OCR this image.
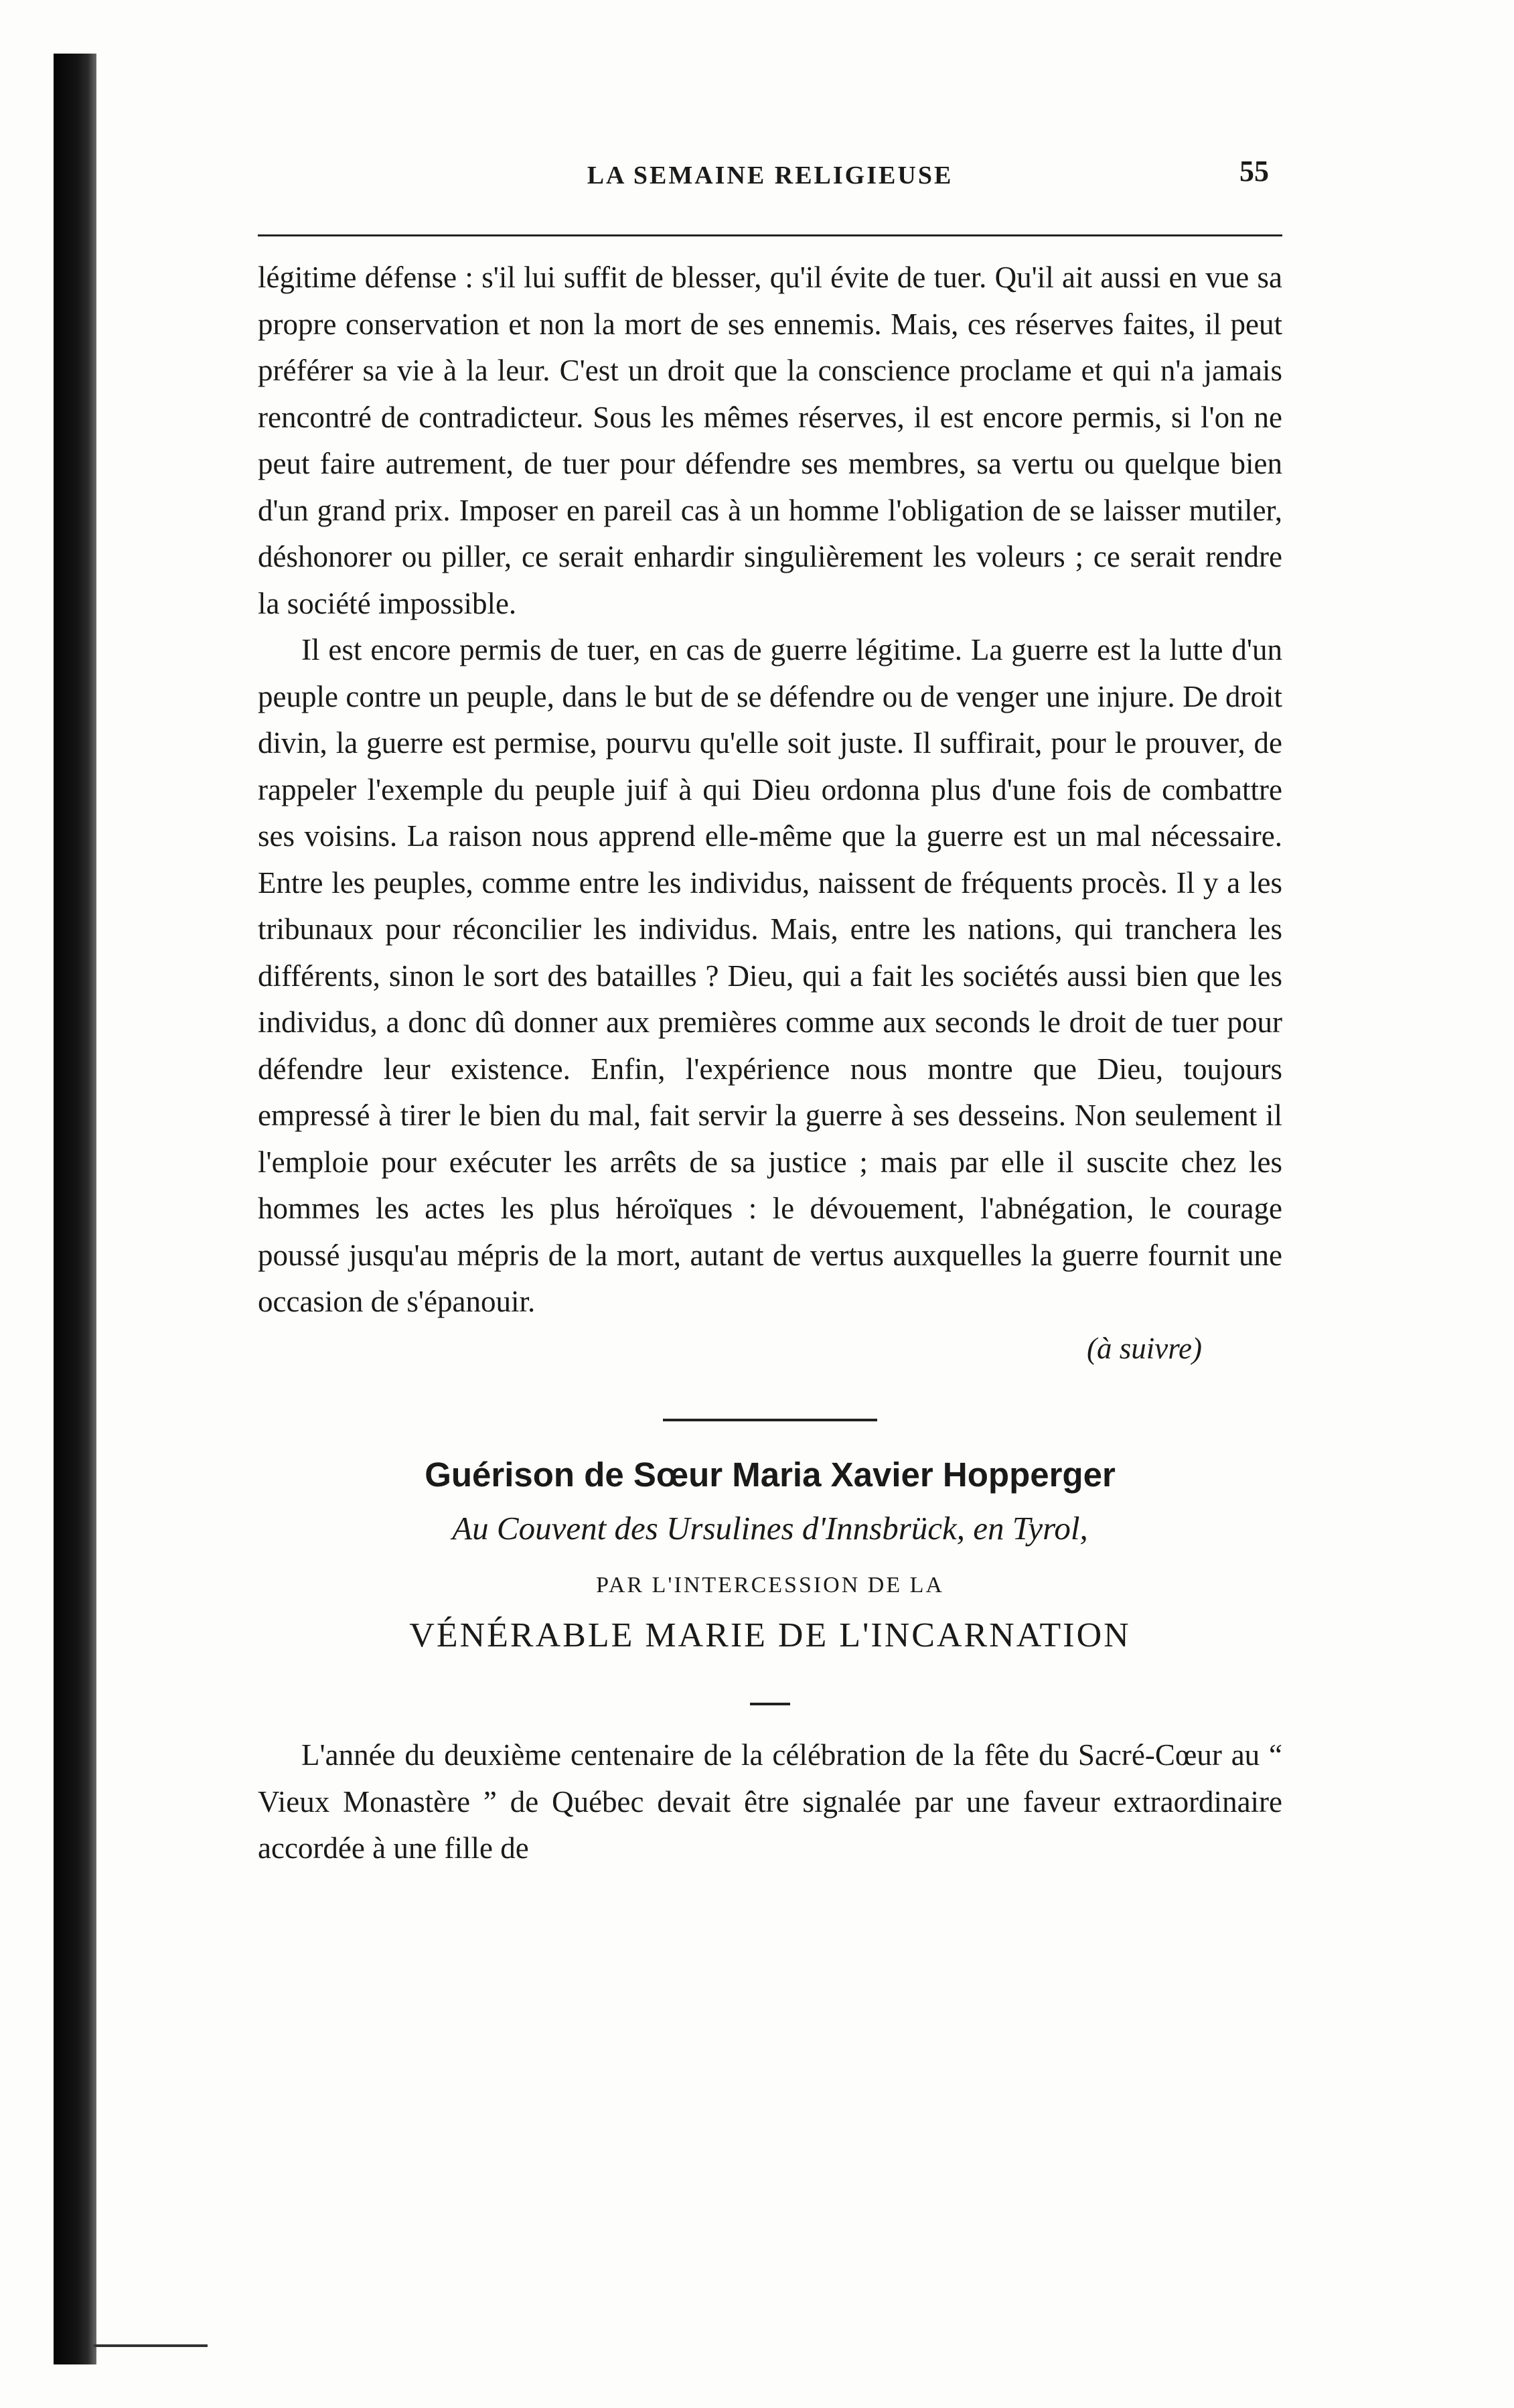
LA SEMAINE RELIGIEUSE	55

légitime défense : s'il lui suffit de blesser, qu'il évite de tuer. Qu'il ait aussi en vue sa propre conservation et non la mort de ses ennemis. Mais, ces réserves faites, il peut préférer sa vie à la leur. C'est un droit que la conscience proclame et qui n'a jamais rencontré de contradicteur. Sous les mêmes réserves, il est encore permis, si l'on ne peut faire autrement, de tuer pour défendre ses membres, sa vertu ou quelque bien d'un grand prix. Imposer en pareil cas à un homme l'obligation de se laisser mutiler, déshonorer ou piller, ce serait enhardir singulièrement les voleurs ; ce serait rendre la société impossible.

Il est encore permis de tuer, en cas de guerre légitime. La guerre est la lutte d'un peuple contre un peuple, dans le but de se défendre ou de venger une injure. De droit divin, la guerre est permise, pourvu qu'elle soit juste. Il suffirait, pour le prouver, de rappeler l'exemple du peuple juif à qui Dieu ordonna plus d'une fois de combattre ses voisins. La raison nous apprend elle-même que la guerre est un mal nécessaire. Entre les peuples, comme entre les individus, naissent de fréquents procès. Il y a les tribunaux pour réconcilier les individus. Mais, entre les nations, qui tranchera les différents, sinon le sort des batailles ? Dieu, qui a fait les sociétés aussi bien que les individus, a donc dû donner aux premières comme aux seconds le droit de tuer pour défendre leur existence. Enfin, l'expérience nous montre que Dieu, toujours empressé à tirer le bien du mal, fait servir la guerre à ses desseins. Non seulement il l'emploie pour exécuter les arrêts de sa justice ; mais par elle il suscite chez les hommes les actes les plus héroïques : le dévouement, l'abnégation, le courage poussé jusqu'au mépris de la mort, autant de vertus auxquelles la guerre fournit une occasion de s'épanouir.

(à suivre)
Guérison de Sœur Maria Xavier Hopperger
Au Couvent des Ursulines d'Innsbrück, en Tyrol,
PAR L'INTERCESSION DE LA
VÉNÉRABLE MARIE DE L'INCARNATION

L'année du deuxième centenaire de la célébration de la fête du Sacré-Cœur au “ Vieux Monastère ” de Québec devait être signalée par une faveur extraordinaire accordée à une fille de
